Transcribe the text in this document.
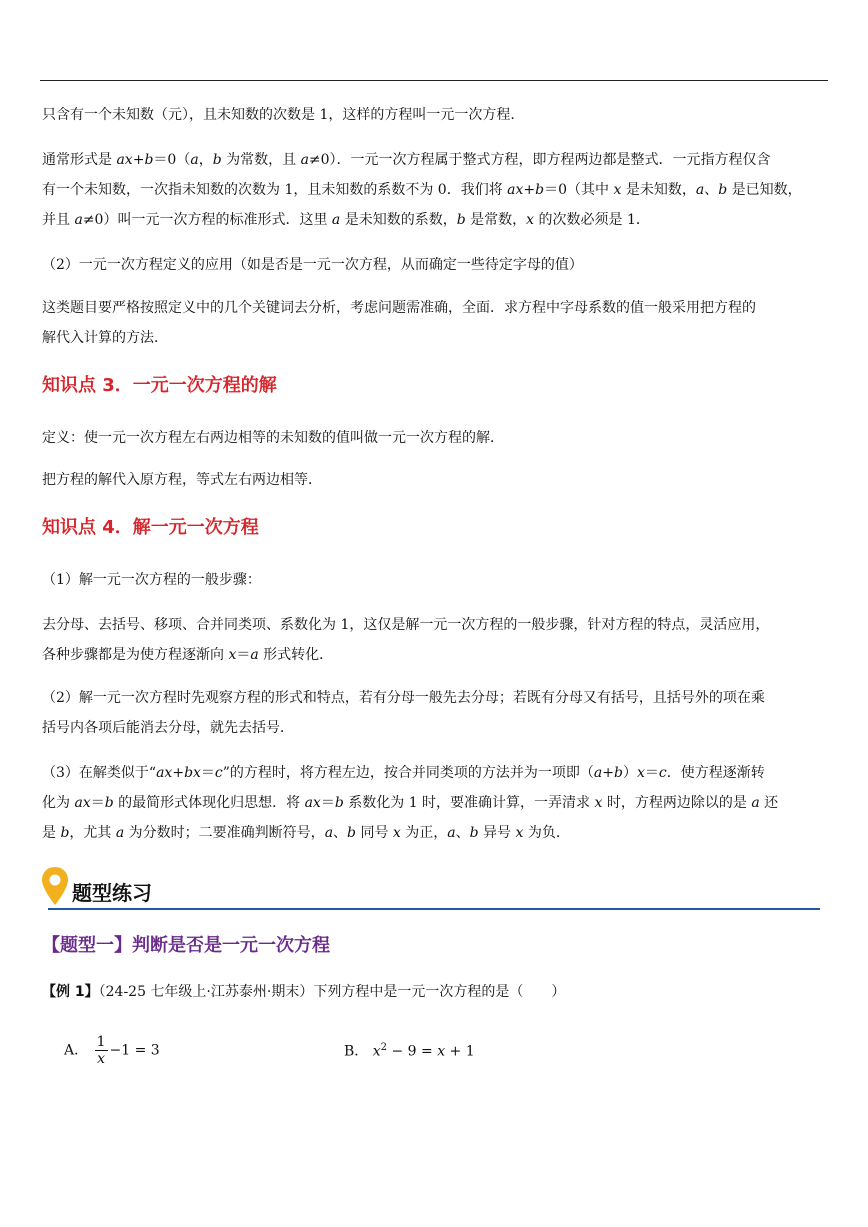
只含有一个未知数（元），且未知数的次数是 1，这样的方程叫一元一次方程.
通常形式是 ax+b＝0（a，b 为常数，且 a≠0）．一元一次方程属于整式方程，即方程两边都是整式．一元指方程仅含
有一个未知数，一次指未知数的次数为 1，且未知数的系数不为 0．我们将 ax+b＝0（其中 x 是未知数，a、b 是已知数，
并且 a≠0）叫一元一次方程的标准形式．这里 a 是未知数的系数，b 是常数，x 的次数必须是 1．
（2）一元一次方程定义的应用（如是否是一元一次方程，从而确定一些待定字母的值）
这类题目要严格按照定义中的几个关键词去分析，考虑问题需准确，全面．求方程中字母系数的值一般采用把方程的
解代入计算的方法．
知识点 3．一元一次方程的解
定义：使一元一次方程左右两边相等的未知数的值叫做一元一次方程的解．
把方程的解代入原方程，等式左右两边相等．
知识点 4．解一元一次方程
（1）解一元一次方程的一般步骤：
去分母、去括号、移项、合并同类项、系数化为 1，这仅是解一元一次方程的一般步骤，针对方程的特点，灵活应用，
各种步骤都是为使方程逐渐向 x＝a 形式转化．
（2）解一元一次方程时先观察方程的形式和特点，若有分母一般先去分母；若既有分母又有括号，且括号外的项在乘
括号内各项后能消去分母，就先去括号．
（3）在解类似于“ax+bx＝c”的方程时，将方程左边，按合并同类项的方法并为一项即（a+b）x＝c．使方程逐渐转
化为 ax＝b 的最简形式体现化归思想．将 ax＝b 系数化为 1 时，要准确计算，一弄清求 x 时，方程两边除以的是 a 还
是 b，尤其 a 为分数时；二要准确判断符号，a、b 同号 x 为正，a、b 异号 x 为负．
题型练习
【题型一】判断是否是一元一次方程
【例 1】（24-25 七年级上·江苏泰州·期末）下列方程中是一元一次方程的是（　　）
A． $\frac{1}{x} -1 = 3$	B． $x^2 - 9 = x + 1$
